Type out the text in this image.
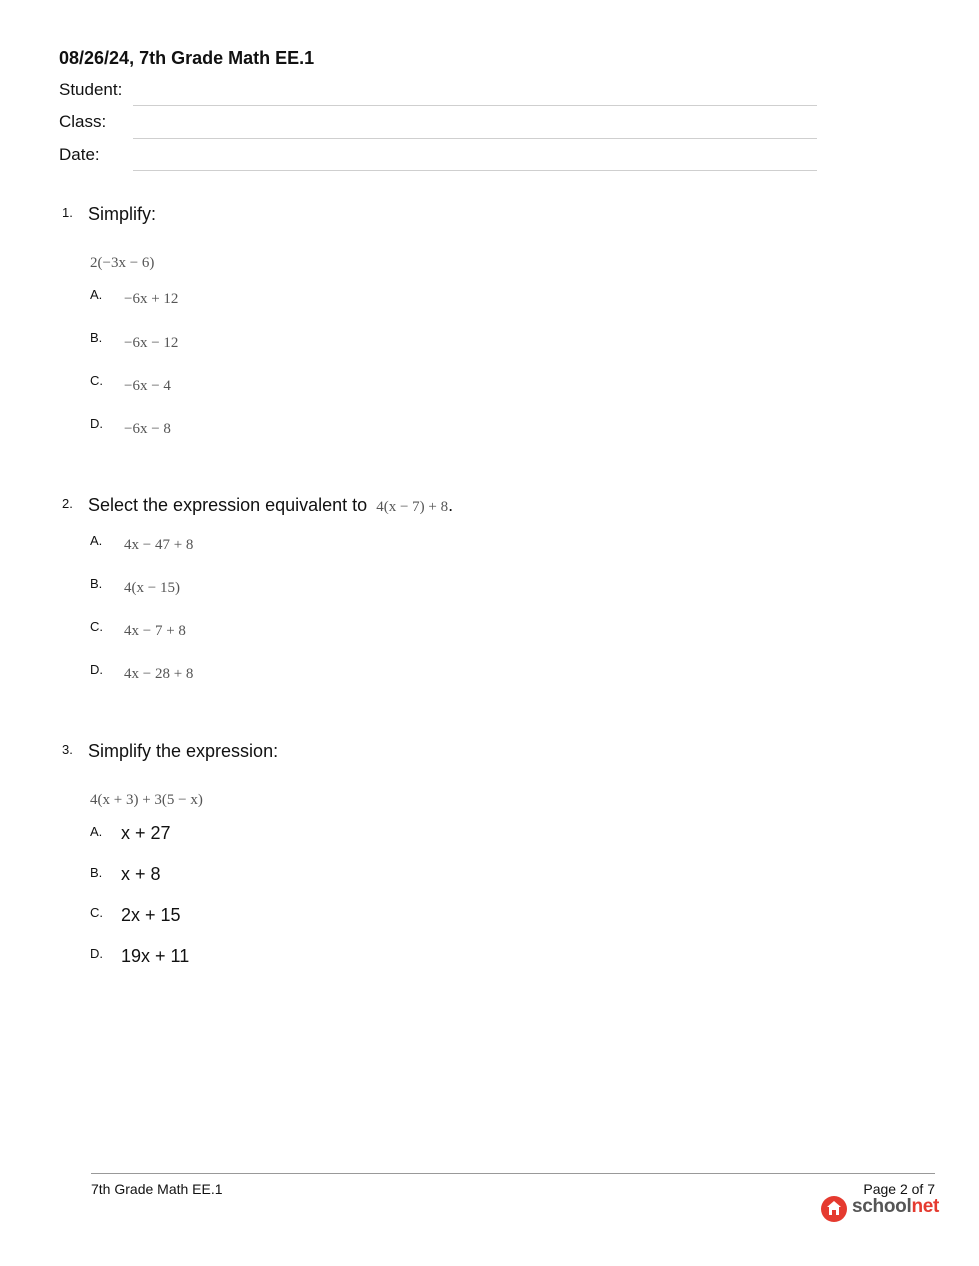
08/26/24, 7th Grade Math EE.1
Student:
Class:
Date:
1. Simplify:
2(−3x − 6)
A. −6x + 12
B. −6x − 12
C. −6x − 4
D. −6x − 8
2. Select the expression equivalent to 4(x − 7) + 8.
A. 4x − 47 + 8
B. 4(x − 15)
C. 4x − 7 + 8
D. 4x − 28 + 8
3. Simplify the expression:
4(x + 3) + 3(5 − x)
A. x + 27
B. x + 8
C. 2x + 15
D. 19x + 11
7th Grade Math EE.1	Page 2 of 7
schoolnet
